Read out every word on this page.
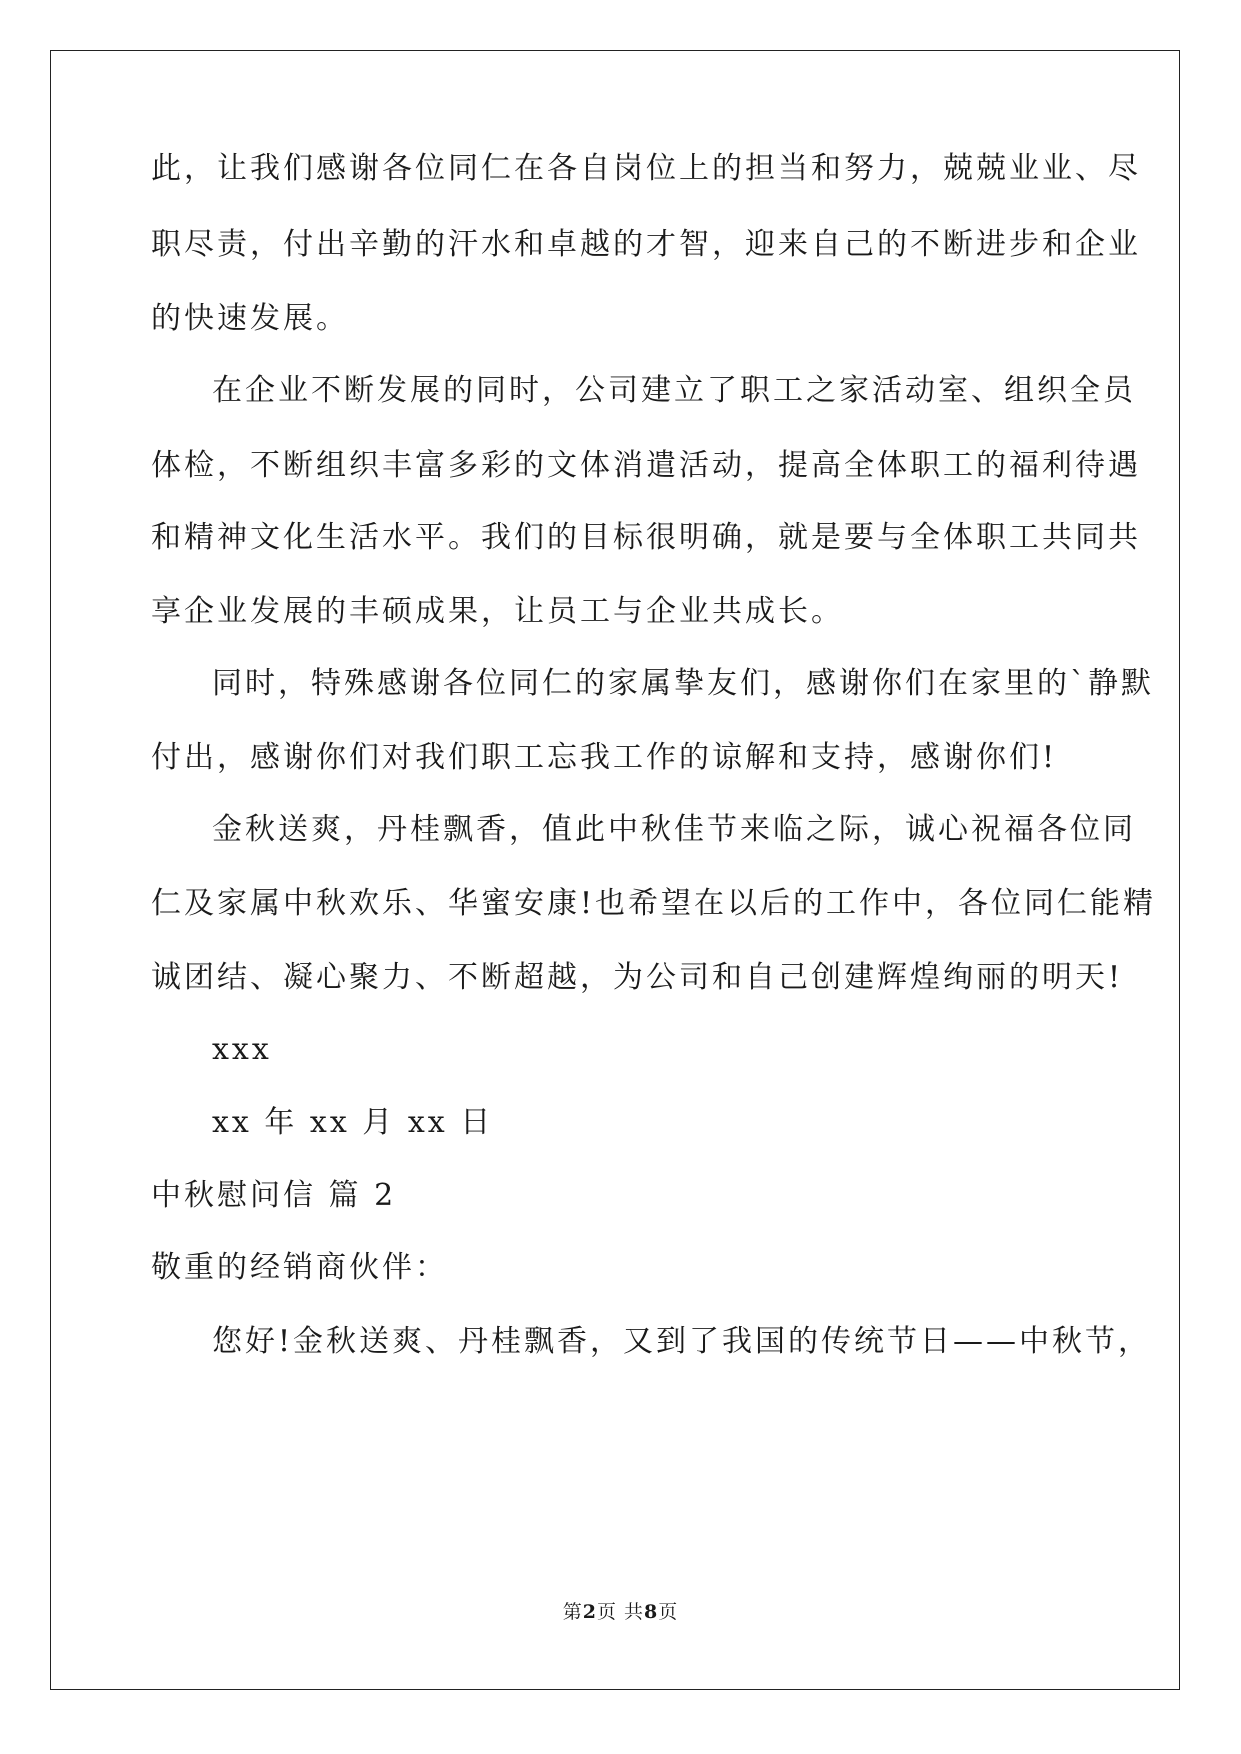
此，让我们感谢各位同仁在各自岗位上的担当和努力，兢兢业业、尽
职尽责，付出辛勤的汗水和卓越的才智，迎来自己的不断进步和企业
的快速发展。
在企业不断发展的同时，公司建立了职工之家活动室、组织全员
体检，不断组织丰富多彩的文体消遣活动，提高全体职工的福利待遇
和精神文化生活水平。我们的目标很明确，就是要与全体职工共同共
享企业发展的丰硕成果，让员工与企业共成长。
同时，特殊感谢各位同仁的家属挚友们，感谢你们在家里的`静默
付出，感谢你们对我们职工忘我工作的谅解和支持，感谢你们!
金秋送爽，丹桂飘香，值此中秋佳节来临之际，诚心祝福各位同
仁及家属中秋欢乐、华蜜安康!也希望在以后的工作中，各位同仁能精
诚团结、凝心聚力、不断超越，为公司和自己创建辉煌绚丽的明天!
xxx
xx 年 xx 月 xx 日
中秋慰问信 篇 2
敬重的经销商伙伴：
您好!金秋送爽、丹桂飘香，又到了我国的传统节日——中秋节，
第2页 共8页
